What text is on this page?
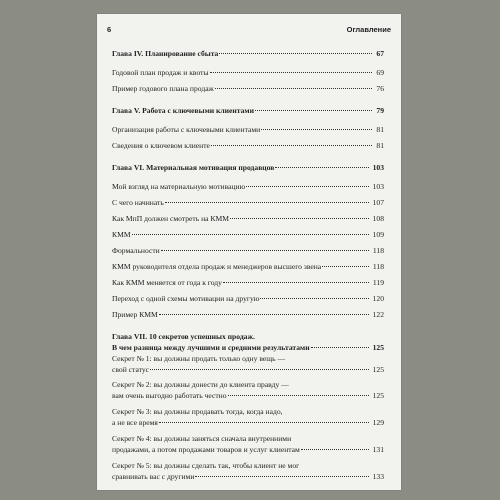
6	Оглавление
Глава IV. Планирование сбыта	67
Годовой план продаж и квоты	69
Пример годового плана продаж	76
Глава V. Работа с ключевыми клиентами	79
Организация работы с ключевыми клиентами	81
Сведения о ключевом клиенте	81
Глава VI. Материальная мотивация продавцов	103
Мой взгляд на материальную мотивацию	103
С чего начинать	107
Как МпП должен смотреть на КММ	108
КММ	109
Формальности	118
КММ руководителя отдела продаж и менеджеров высшего звена	118
Как КММ меняется от года к году	119
Переход с одной схемы мотивации на другую	120
Пример КММ	122
Глава VII. 10 секретов успешных продаж.
В чем разница между лучшими и средними результатами	125
Секрет № 1: вы должны продать только одну вещь —
свой статус	125
Секрет № 2: вы должны донести до клиента правду —
вам очень выгодно работать честно	125
Секрет № 3: вы должны продавать тогда, когда надо,
а не все время	129
Секрет № 4: вы должны заняться сначала внутренними
продажами, а потом продажами товаров и услуг клиентам	131
Секрет № 5: вы должны сделать так, чтобы клиент не мог
сравнивать вас с другими	133
